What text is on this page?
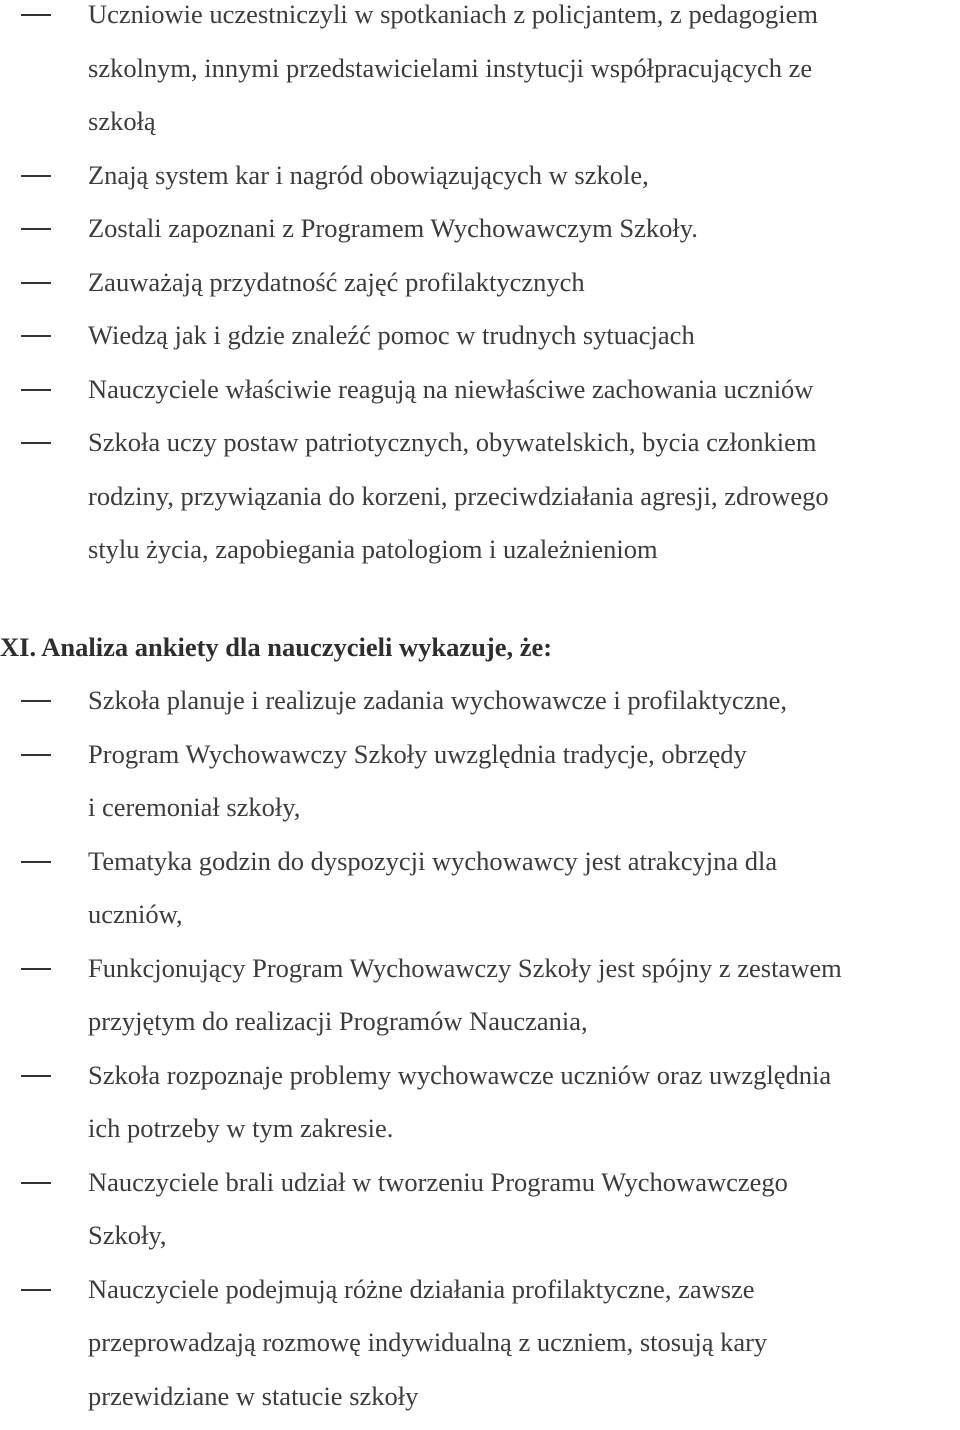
Uczniowie uczestniczyli w spotkaniach z policjantem, z pedagogiem
szkolnym, innymi przedstawicielami instytucji współpracujących ze
szkołą
Znają system kar i nagród obowiązujących w szkole,
Zostali zapoznani z Programem Wychowawczym Szkoły.
Zauważają przydatność zajęć profilaktycznych
Wiedzą jak i gdzie znaleźć pomoc w trudnych sytuacjach
Nauczyciele właściwie reagują na niewłaściwe zachowania uczniów
Szkoła uczy postaw patriotycznych, obywatelskich, bycia członkiem
rodziny, przywiązania do korzeni, przeciwdziałania agresji, zdrowego
stylu życia, zapobiegania patologiom i uzależnieniom
XI. Analiza ankiety dla nauczycieli wykazuje, że:
Szkoła planuje i realizuje zadania wychowawcze i profilaktyczne,
Program Wychowawczy Szkoły uwzględnia tradycje, obrzędy
i ceremoniał szkoły,
Tematyka godzin do dyspozycji wychowawcy jest atrakcyjna dla
uczniów,
Funkcjonujący Program Wychowawczy Szkoły jest spójny z zestawem
przyjętym do realizacji Programów Nauczania,
Szkoła rozpoznaje problemy wychowawcze uczniów oraz uwzględnia
ich potrzeby w tym zakresie.
Nauczyciele brali udział w tworzeniu Programu Wychowawczego
Szkoły,
Nauczyciele podejmują różne działania profilaktyczne, zawsze
przeprowadzają rozmowę indywidualną z uczniem, stosują kary
przewidziane w statucie szkoły
